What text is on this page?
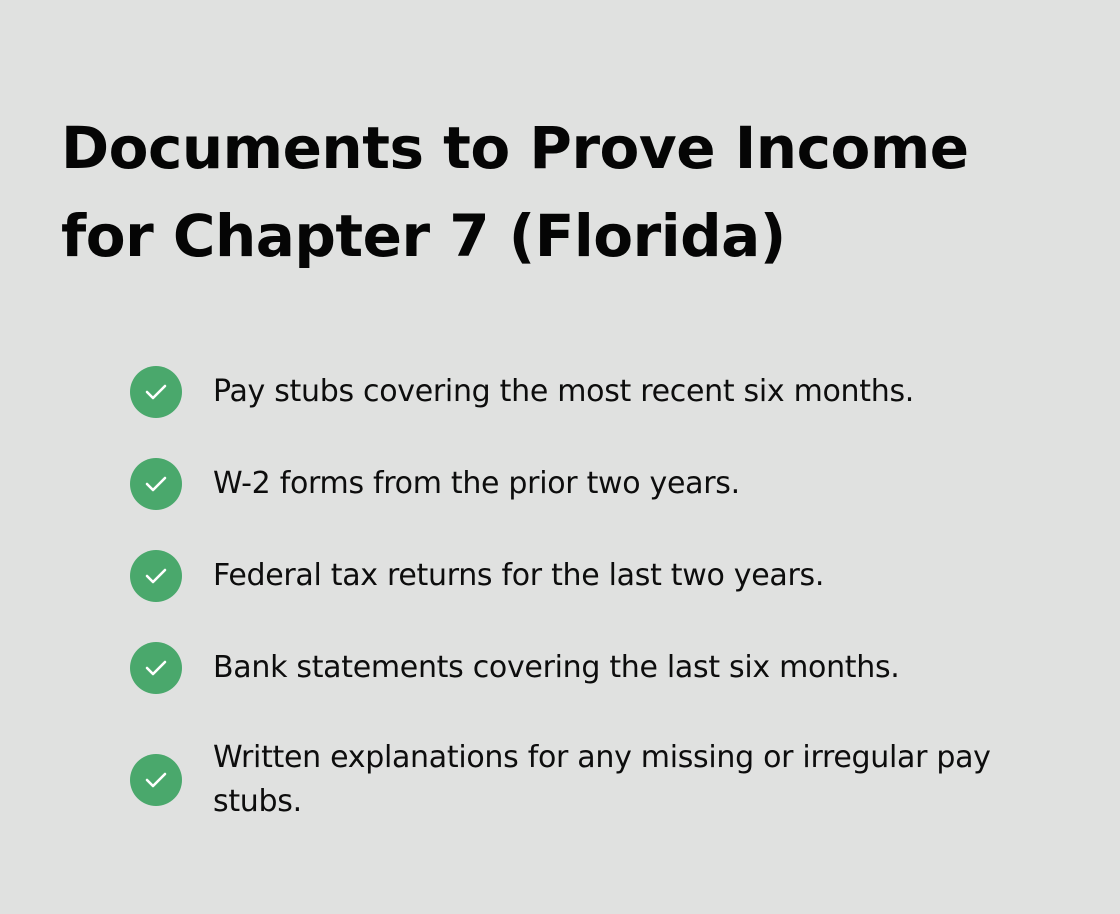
Documents to Prove Income for Chapter 7 (Florida)
Pay stubs covering the most recent six months.
W-2 forms from the prior two years.
Federal tax returns for the last two years.
Bank statements covering the last six months.
Written explanations for any missing or irregular pay stubs.
